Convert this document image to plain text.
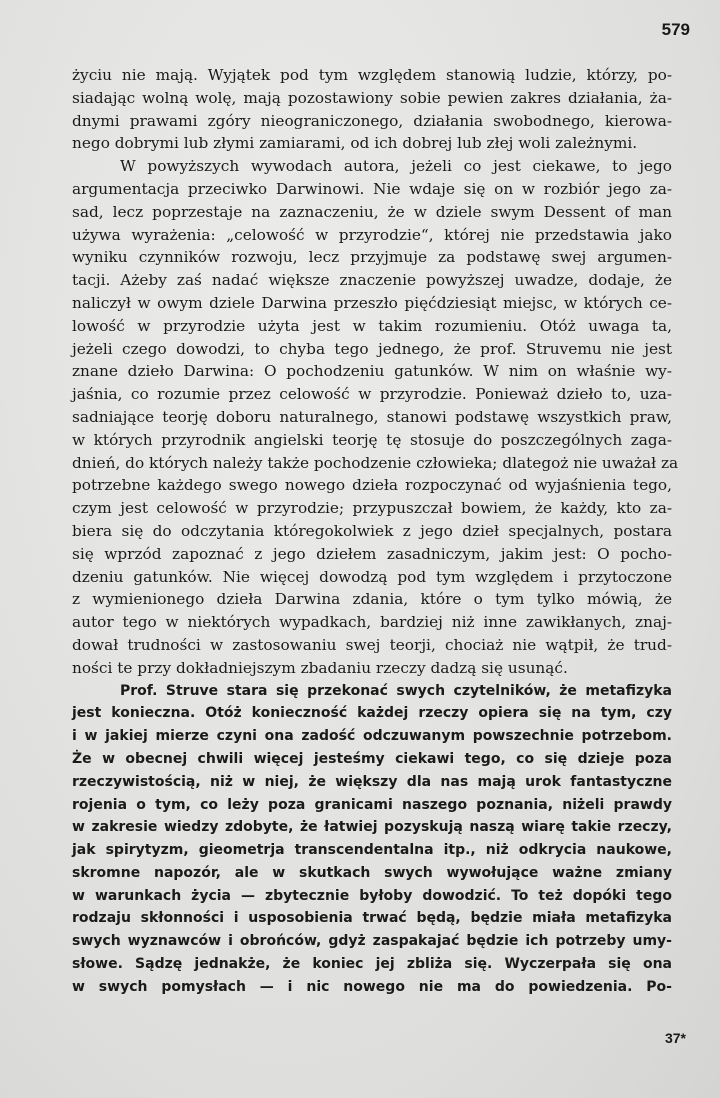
579
życiu nie mają. Wyjątek pod tym względem stanowią ludzie, którzy, po-
siadając wolną wolę, mają pozostawiony sobie pewien zakres działania, ża-
dnymi prawami zgóry nieograniczonego, działania swobodnego, kierowa-
nego dobrymi lub złymi zamiarami, od ich dobrej lub złej woli zależnymi.
W powyższych wywodach autora, jeżeli co jest ciekawe, to jego
argumentacja przeciwko Darwinowi. Nie wdaje się on w rozbiór jego za-
sad, lecz poprzestaje na zaznaczeniu, że w dziele swym Dessent of man
używa wyrażenia: „celowość w przyrodzie“, której nie przedstawia jako
wyniku czynników rozwoju, lecz przyjmuje za podstawę swej argumen-
tacji. Ażeby zaś nadać większe znaczenie powyższej uwadze, dodaje, że
naliczył w owym dziele Darwina przeszło pięćdziesiąt miejsc, w których ce-
lowość w przyrodzie użyta jest w takim rozumieniu. Otóż uwaga ta,
jeżeli czego dowodzi, to chyba tego jednego, że prof. Struvemu nie jest
znane dzieło Darwina: O pochodzeniu gatunków. W nim on właśnie wy-
jaśnia, co rozumie przez celowość w przyrodzie. Ponieważ dzieło to, uza-
sadniające teorję doboru naturalnego, stanowi podstawę wszystkich praw,
w których przyrodnik angielski teorję tę stosuje do poszczególnych zaga-
dnień, do których należy także pochodzenie człowieka; dlategoż nie uważał za
potrzebne każdego swego nowego dzieła rozpoczynać od wyjaśnienia tego,
czym jest celowość w przyrodzie; przypuszczał bowiem, że każdy, kto za-
biera się do odczytania któregokolwiek z jego dzieł specjalnych, postara
się wprzód zapoznać z jego dziełem zasadniczym, jakim jest: O pocho-
dzeniu gatunków. Nie więcej dowodzą pod tym względem i przytoczone
z wymienionego dzieła Darwina zdania, które o tym tylko mówią, że
autor tego w niektórych wypadkach, bardziej niż inne zawikłanych, znaj-
dował trudności w zastosowaniu swej teorji, chociaż nie wątpił, że trud-
ności te przy dokładniejszym zbadaniu rzeczy dadzą się usunąć.
Prof. Struve stara się przekonać swych czytelników, że metafizyka
jest konieczna. Otóż konieczność każdej rzeczy opiera się na tym, czy
i w jakiej mierze czyni ona zadość odczuwanym powszechnie potrzebom.
Że w obecnej chwili więcej jesteśmy ciekawi tego, co się dzieje poza
rzeczywistością, niż w niej, że większy dla nas mają urok fantastyczne
rojenia o tym, co leży poza granicami naszego poznania, niżeli prawdy
w zakresie wiedzy zdobyte, że łatwiej pozyskują naszą wiarę takie rzeczy,
jak spirytyzm, gieometrja transcendentalna itp., niż odkrycia naukowe,
skromne napozór, ale w skutkach swych wywołujące ważne zmiany
w warunkach życia — zbytecznie byłoby dowodzić. To też dopóki tego
rodzaju skłonności i usposobienia trwać będą, będzie miała metafizyka
swych wyznawców i obrońców, gdyż zaspakajać będzie ich potrzeby umy-
słowe. Sądzę jednakże, że koniec jej zbliża się. Wyczerpała się ona
w swych pomysłach — i nic nowego nie ma do powiedzenia. Po-
37*
